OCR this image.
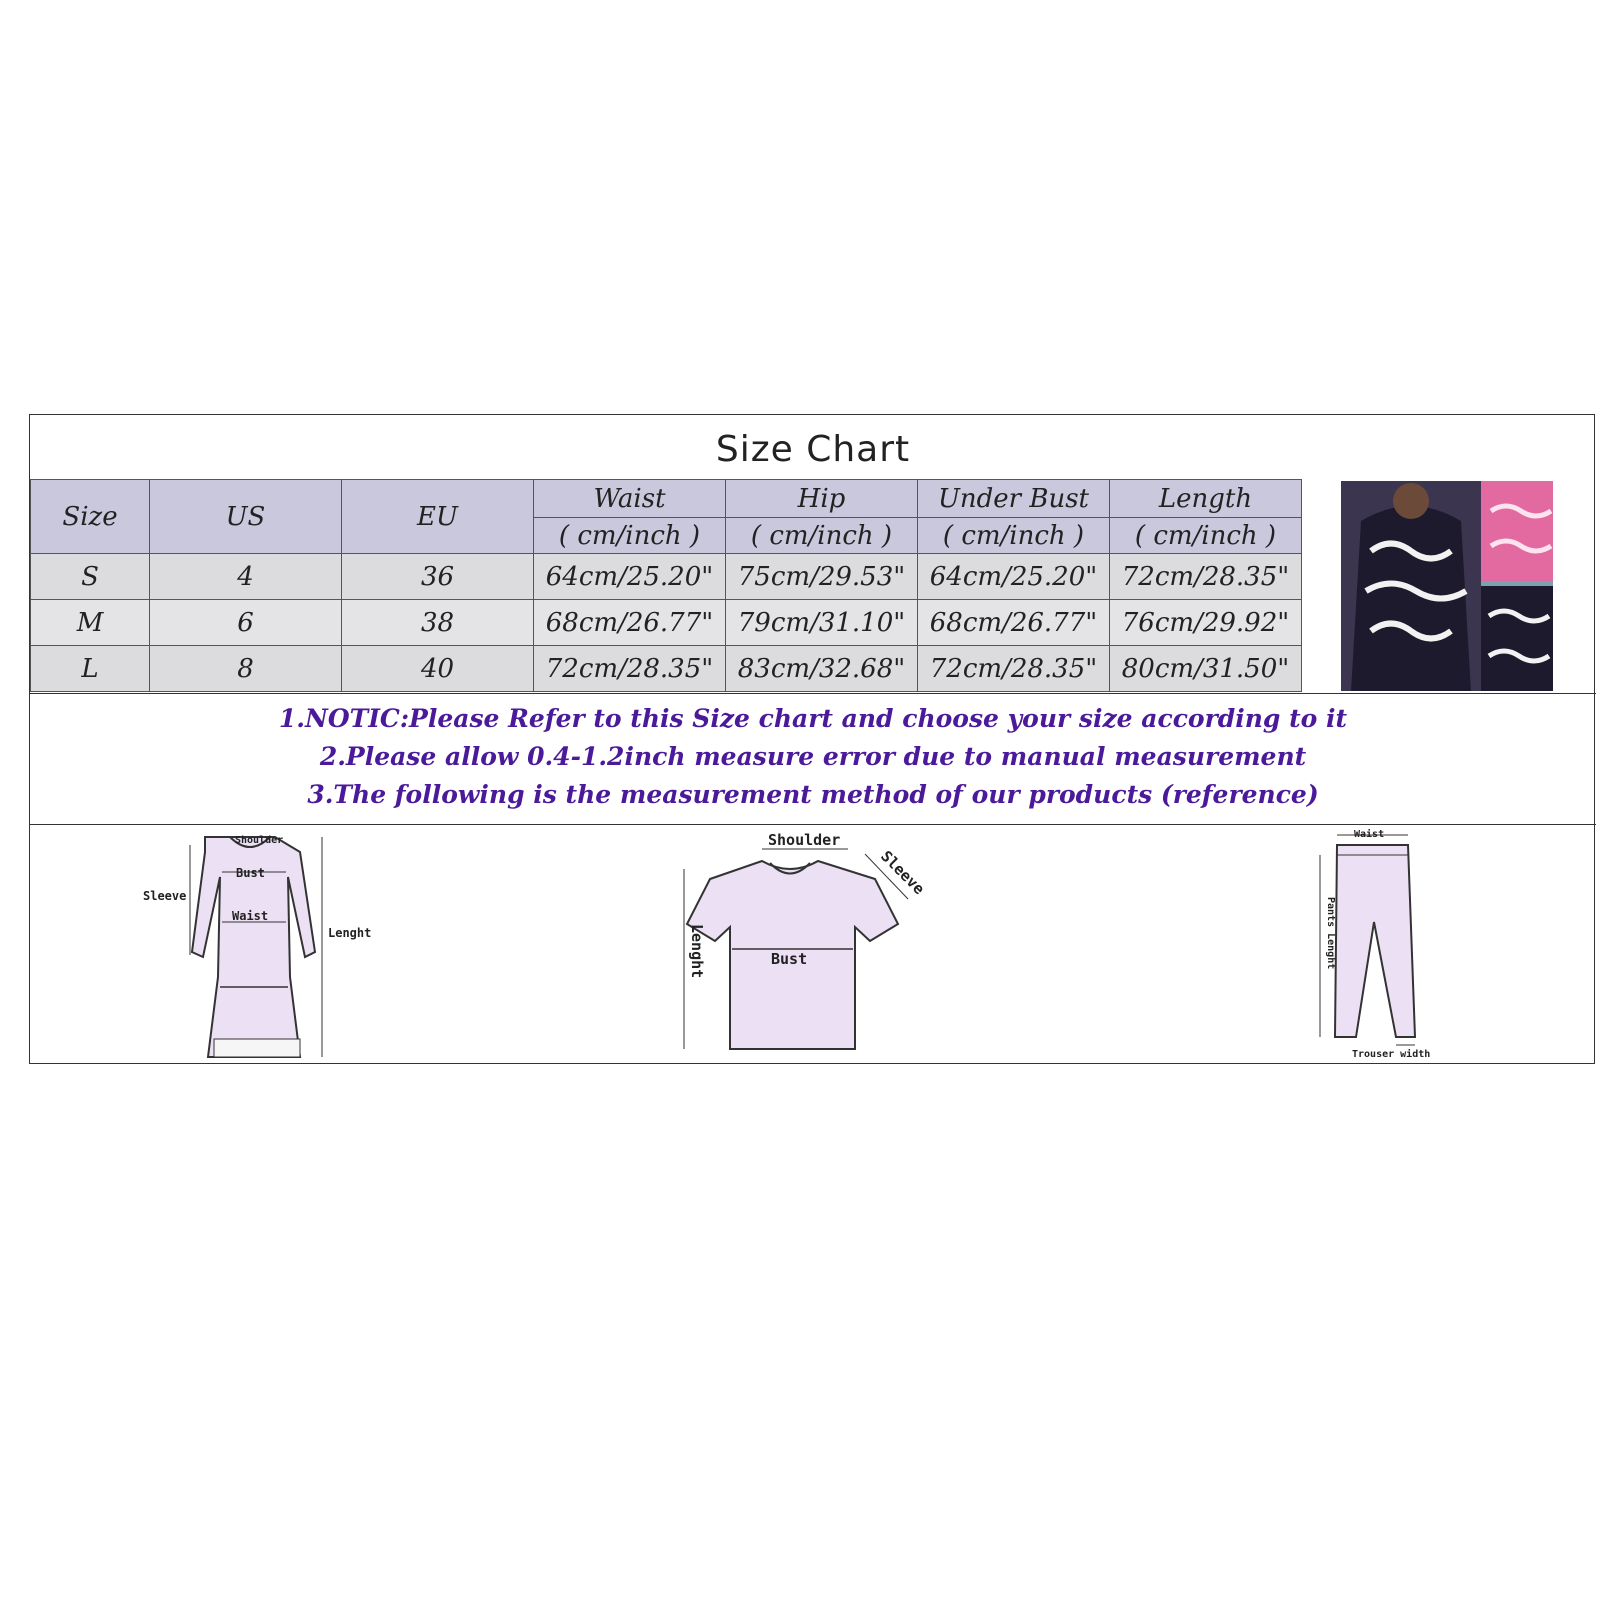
Size Chart
Size	US	EU	Waist	Hip	Under Bust	Length
			( cm/inch )	( cm/inch )	( cm/inch )	( cm/inch )
S	4	36	64cm/25.20"	75cm/29.53"	64cm/25.20"	72cm/28.35"
M	6	38	68cm/26.77"	79cm/31.10"	68cm/26.77"	76cm/29.92"
L	8	40	72cm/28.35"	83cm/32.68"	72cm/28.35"	80cm/31.50"
1.NOTIC:Please Refer to this Size chart and choose your size according to it
2.Please allow 0.4-1.2inch measure error due to manual measurement
3.The following is the measurement method of our products (reference)
Shoulder
Bust
Waist
Sleeve
Lenght
Shoulder
Sleeve
Bust
Lenght
Waist
Pants Lenght
Trouser width
